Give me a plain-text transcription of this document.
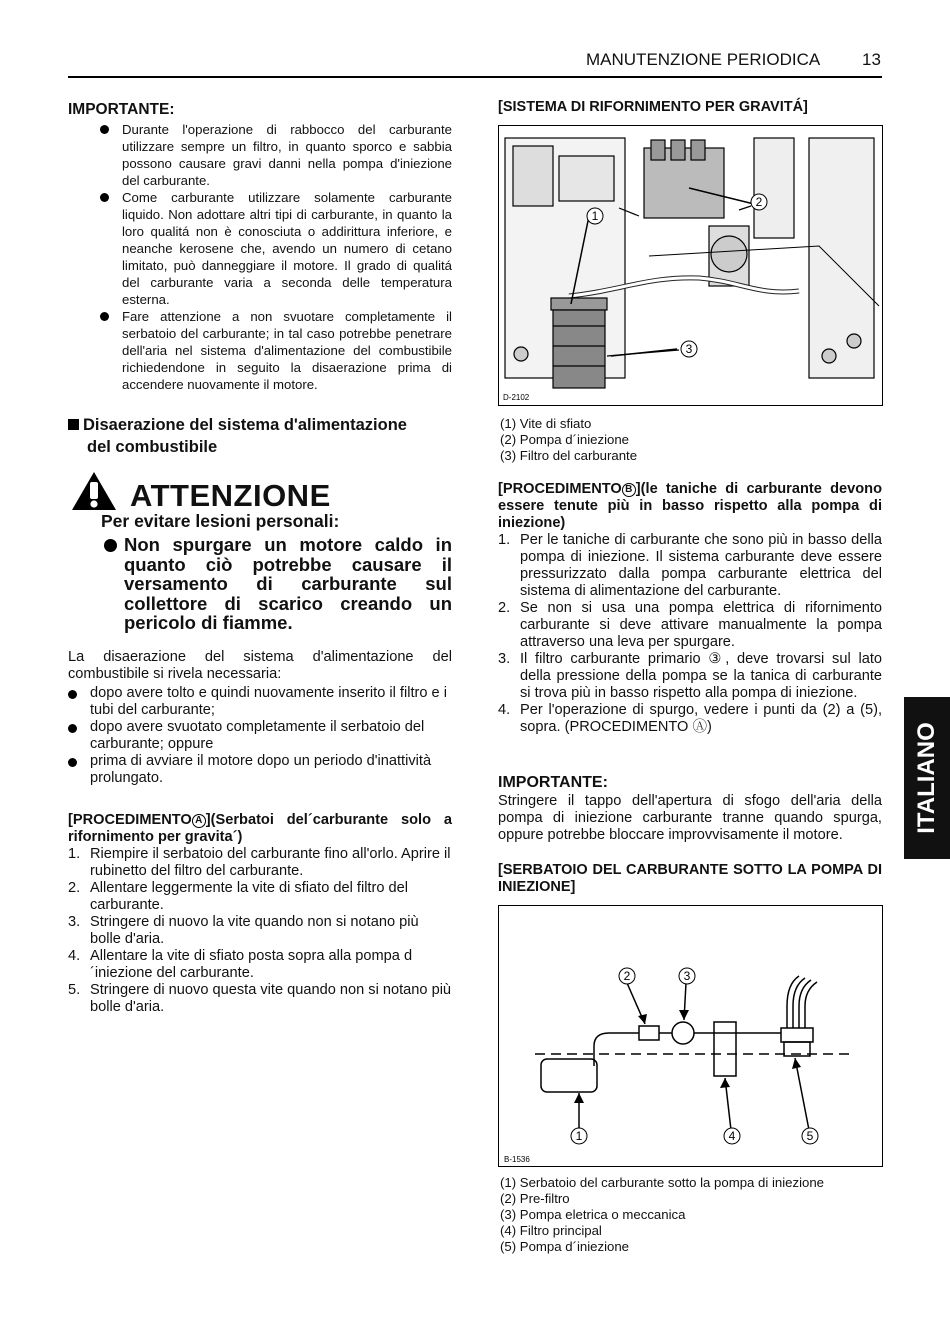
MANUTENZIONE PERIODICA 13
IMPORTANTE:
Durante l'operazione di rabbocco del carburante utilizzare sempre un filtro, in quanto sporco e sabbia possono causare gravi danni nella pompa d'iniezione del carburante.
Come carburante utilizzare solamente carburante liquido. Non adottare altri tipi di carburante, in quanto la loro qualitá non è conosciuta o addirittura inferiore, e neanche kerosene che, avendo un numero di cetano limitato, può danneggiare il motore. Il grado di qualitá del carburante varia a seconda delle temperatura esterna.
Fare attenzione a non svuotare completamente il serbatoio del carburante; in tal caso potrebbe penetrare dell'aria nel sistema d'alimentazione del combustibile richiedendone in seguito la disaerazione prima di accendere nuovamente il motore.
Disaerazione del sistema d'alimentazione
del combustibile
ATTENZIONE
Per evitare lesioni personali:
Non spurgare un motore caldo in quanto ciò potrebbe causare il versamento di carburante sul collettore di scarico creando un pericolo di fiamme.
La disaerazione del sistema d'alimentazione del combustibile si rivela necessaria:
dopo avere tolto e quindi nuovamente inserito il filtro e i tubi del carburante;
dopo avere svuotato completamente il serbatoio del carburante; oppure
prima di avviare il motore dopo un periodo d'inattività prolungato.
[PROCEDIMENTO A ](Serbatoi del´carburante solo a rifornimento per gravita´)
1. Riempire il serbatoio del carburante fino all'orlo. Aprire il rubinetto del filtro del carburante.
2. Allentare leggermente la vite di sfiato del filtro del carburante.
3. Stringere di nuovo la vite quando non si notano più bolle d'aria.
4. Allentare la vite di sfiato posta sopra alla pompa d´iniezione del carburante.
5. Stringere di nuovo questa vite quando non si notano più bolle d'aria.
[SISTEMA DI RIFORNIMENTO PER GRAVITÁ]
1
2
3
D-2102
(1) Vite di sfiato
(2) Pompa d´iniezione
(3) Filtro del carburante
[PROCEDIMENTO B ](le taniche di carburante devono essere tenute più in basso rispetto alla pompa di iniezione)
1. Per le taniche di carburante che sono più in basso della pompa di iniezione. Il sistema carburante deve essere pressurizzato dalla pompa carburante elettrica del sistema di alimentazione del carburante.
2. Se non si usa una pompa elettrica di rifornimento carburante si deve attivare manualmente la pompa attraverso una leva per spurgare.
3. Il filtro carburante primario ③, deve trovarsi sul lato della pressione della pompa se la tanica di carburante si trova più in basso rispetto alla pompa di iniezione.
4. Per l'operazione di spurgo, vedere i punti da (2) a (5), sopra. (PROCEDIMENTO Ⓐ)
IMPORTANTE:
Stringere il tappo dell'apertura di sfogo dell'aria della pompa di iniezione carburante tranne quando spurga, oppure potrebbe bloccare improvvisamente il motore.
[SERBATOIO DEL CARBURANTE SOTTO LA POMPA DI INIEZIONE]
1
2	3
4	5
B-1536
(1) Serbatoio del carburante sotto la pompa di iniezione
(2) Pre-filtro
(3) Pompa eletrica o meccanica
(4) Filtro principal
(5) Pompa d´iniezione
ITALIANO
